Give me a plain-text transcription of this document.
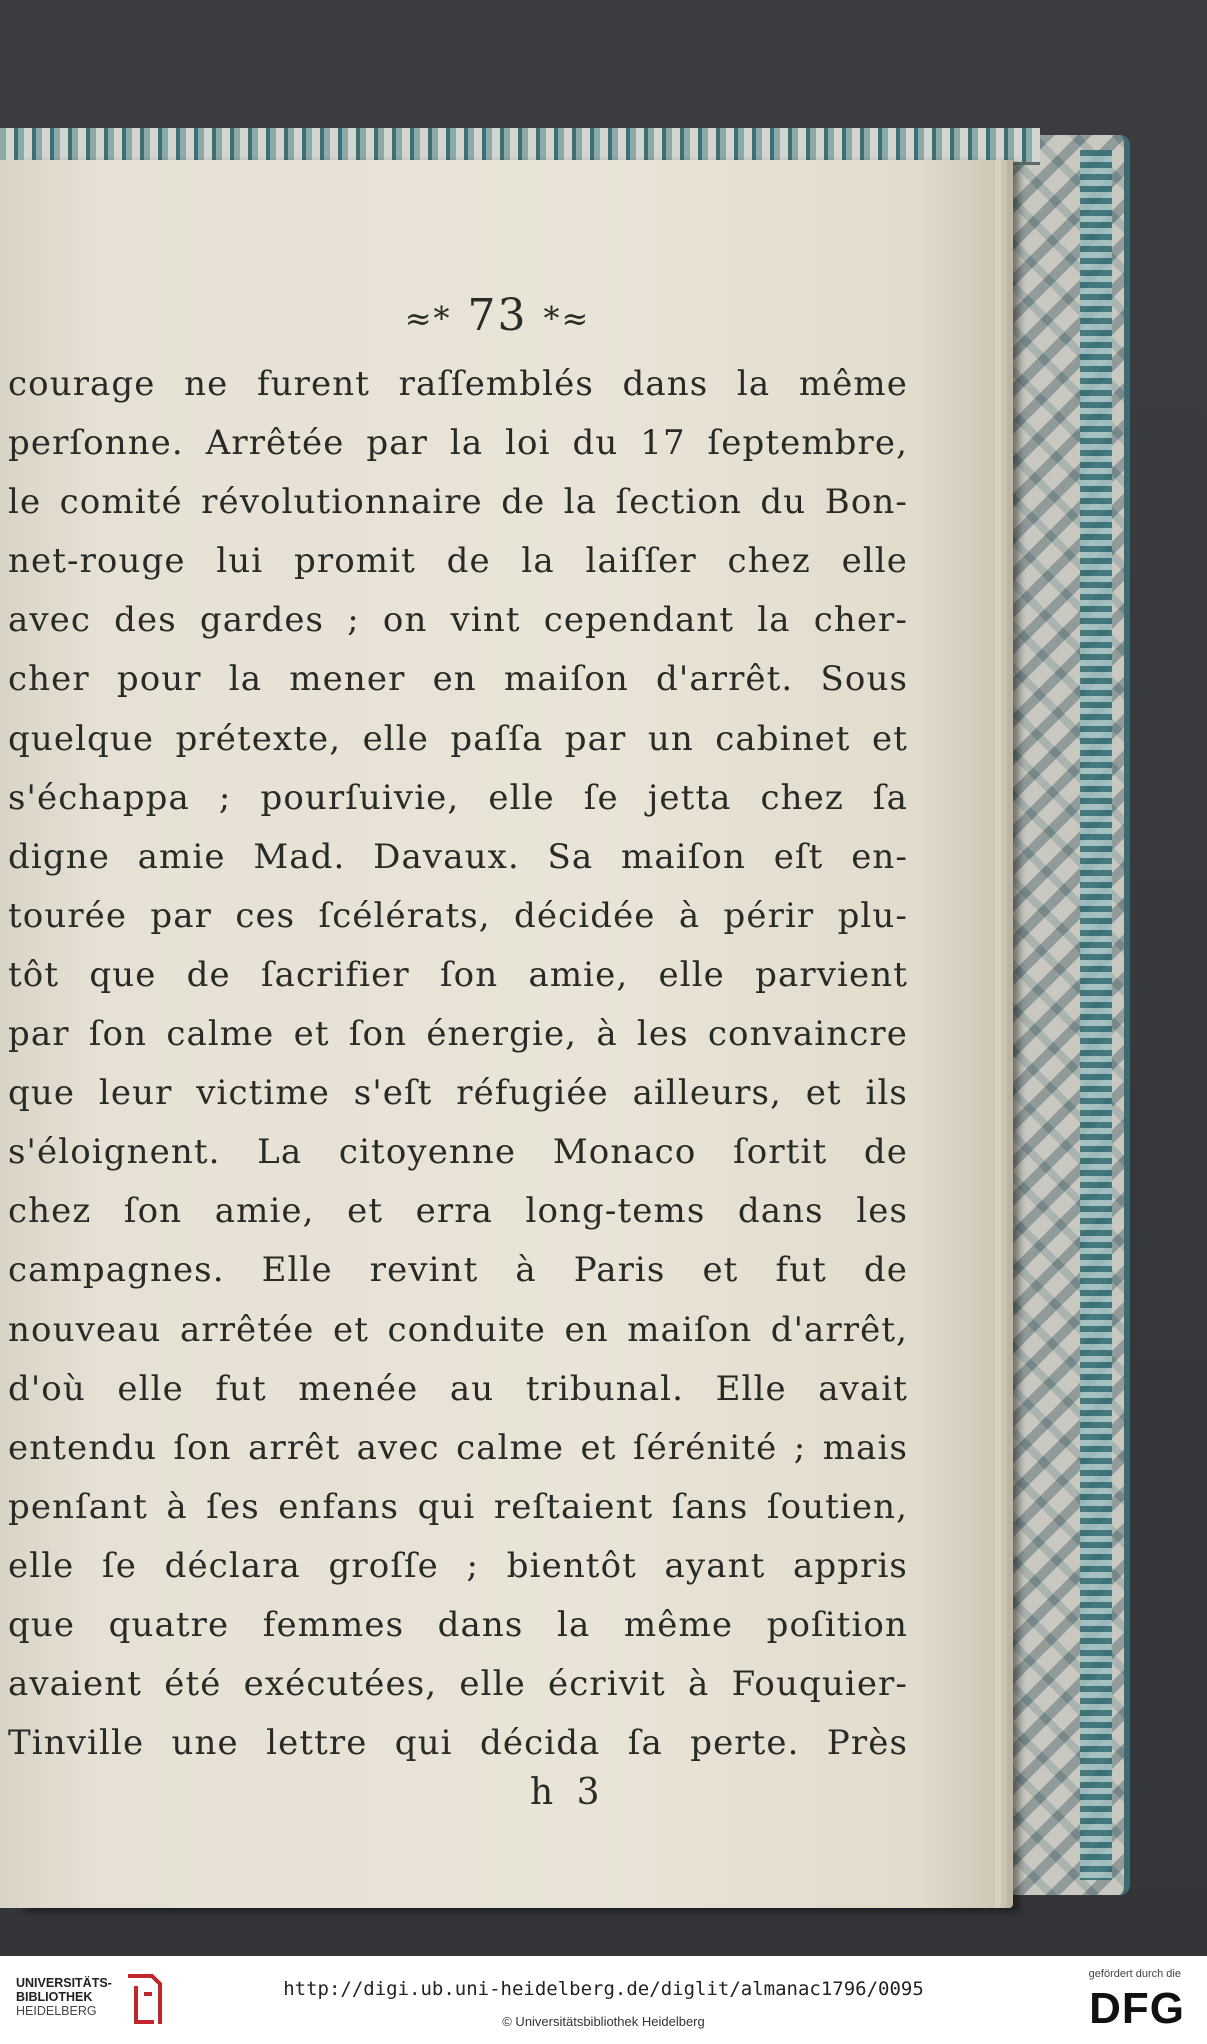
≈* 73 *≈
courage ne furent raſſemblés dans la même
perſonne. Arrêtée par la loi du 17 ſeptembre,
le comité révolutionnaire de la ſection du Bon-
net-rouge lui promit de la laiſſer chez elle
avec des gardes ; on vint cependant la cher-
cher pour la mener en maiſon d'arrêt. Sous
quelque prétexte, elle paſſa par un cabinet et
s'échappa ; pourſuivie, elle ſe jetta chez ſa
digne amie Mad. Davaux. Sa maiſon eſt en-
tourée par ces ſcélérats, décidée à périr plu-
tôt que de ſacrifier ſon amie, elle parvient
par ſon calme et ſon énergie, à les convaincre
que leur victime s'eſt réfugiée ailleurs, et ils
s'éloignent. La citoyenne Monaco ſortit de
chez ſon amie, et erra long-tems dans les
campagnes. Elle revint à Paris et fut de
nouveau arrêtée et conduite en maiſon d'arrêt,
d'où elle fut menée au tribunal. Elle avait
entendu ſon arrêt avec calme et ſérénité ; mais
penſant à ſes enfans qui reſtaient ſans ſoutien,
elle ſe déclara groſſe ; bientôt ayant appris
que quatre femmes dans la même poſition
avaient été exécutées, elle écrivit à Fouquier-
Tinville une lettre qui décida ſa perte. Près
h 3
UNIVERSITÄTS-
BIBLIOTHEK
HEIDELBERG
http://digi.ub.uni-heidelberg.de/diglit/almanac1796/0095
© Universitätsbibliothek Heidelberg
gefördert durch die
DFG
